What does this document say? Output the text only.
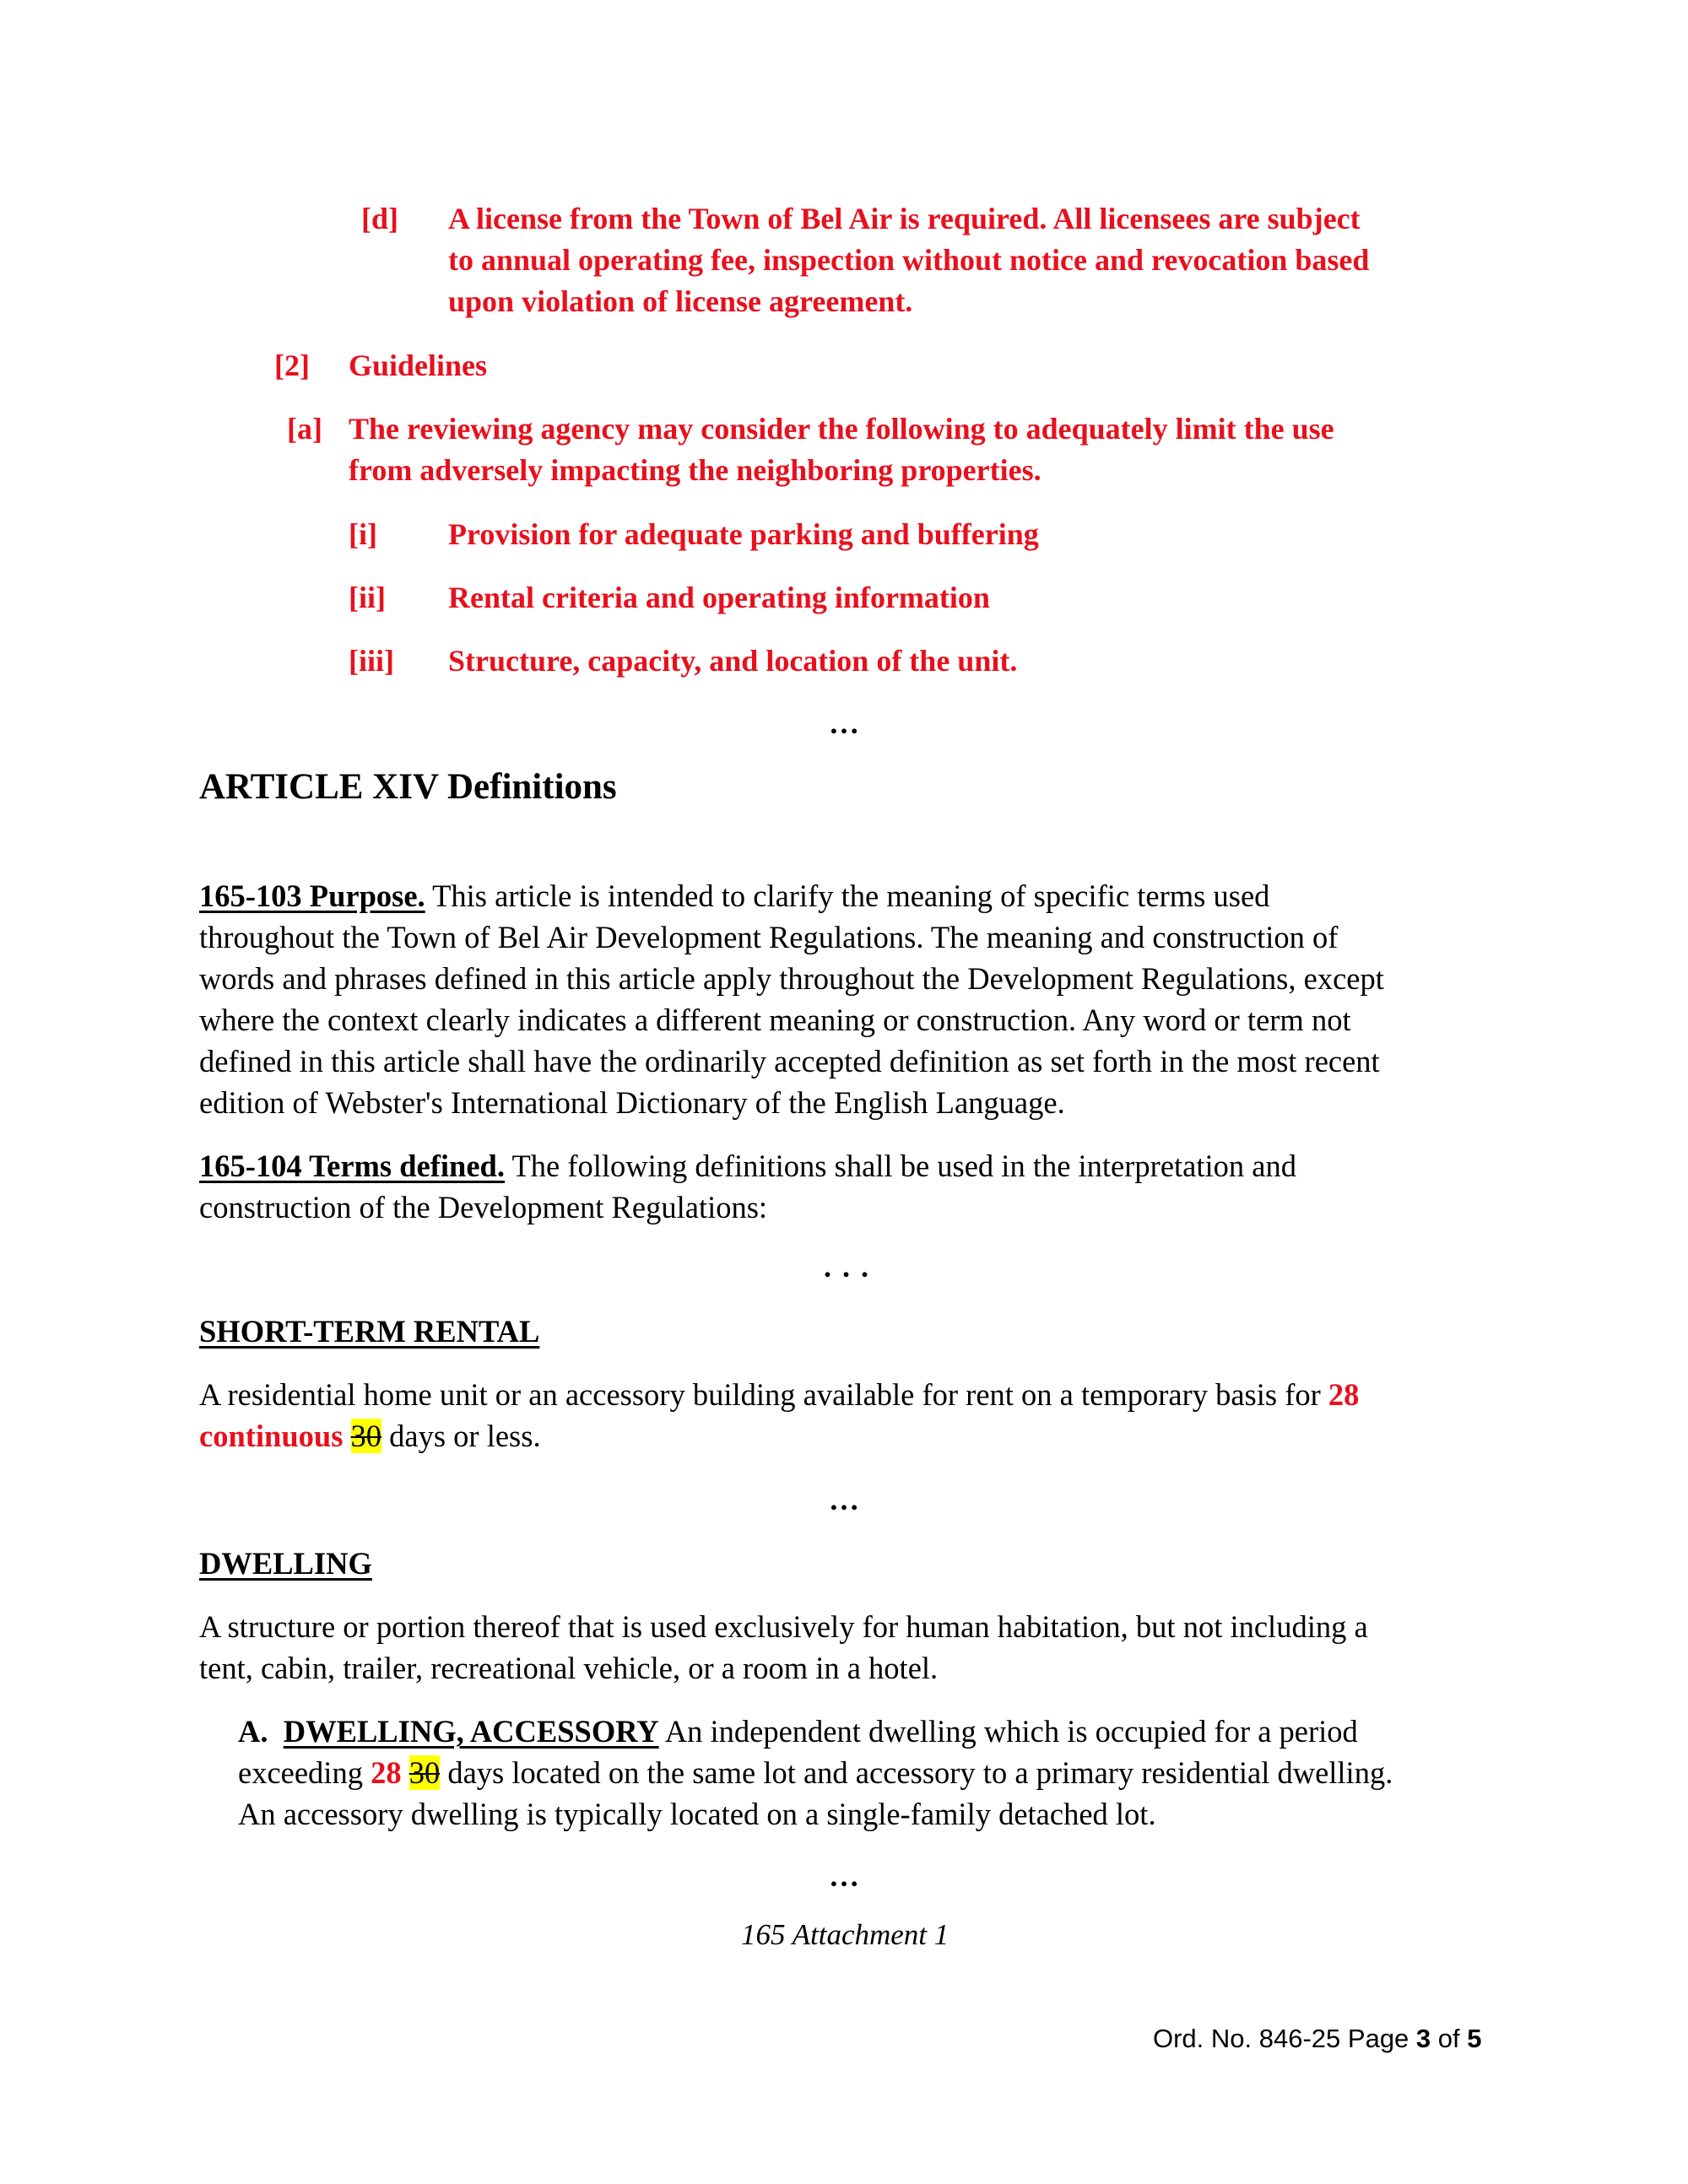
[d] A license from the Town of Bel Air is required. All licensees are subject
to annual operating fee, inspection without notice and revocation based
upon violation of license agreement.
[2] Guidelines
[a] The reviewing agency may consider the following to adequately limit the use
from adversely impacting the neighboring properties.
[i] Provision for adequate parking and buffering
[ii] Rental criteria and operating information
[iii] Structure, capacity, and location of the unit.
…
ARTICLE XIV Definitions
165-103 Purpose. This article is intended to clarify the meaning of specific terms used
throughout the Town of Bel Air Development Regulations. The meaning and construction of
words and phrases defined in this article apply throughout the Development Regulations, except
where the context clearly indicates a different meaning or construction. Any word or term not
defined in this article shall have the ordinarily accepted definition as set forth in the most recent
edition of Webster's International Dictionary of the English Language.
165-104 Terms defined. The following definitions shall be used in the interpretation and
construction of the Development Regulations:
. . .
SHORT-TERM RENTAL
A residential home unit or an accessory building available for rent on a temporary basis for 28
continuous 30 days or less.
…
DWELLING
A structure or portion thereof that is used exclusively for human habitation, but not including a
tent, cabin, trailer, recreational vehicle, or a room in a hotel.
A. DWELLING, ACCESSORY An independent dwelling which is occupied for a period
exceeding 28 30 days located on the same lot and accessory to a primary residential dwelling.
An accessory dwelling is typically located on a single-family detached lot.
…
165 Attachment 1
Ord. No. 846-25 Page 3 of 5
